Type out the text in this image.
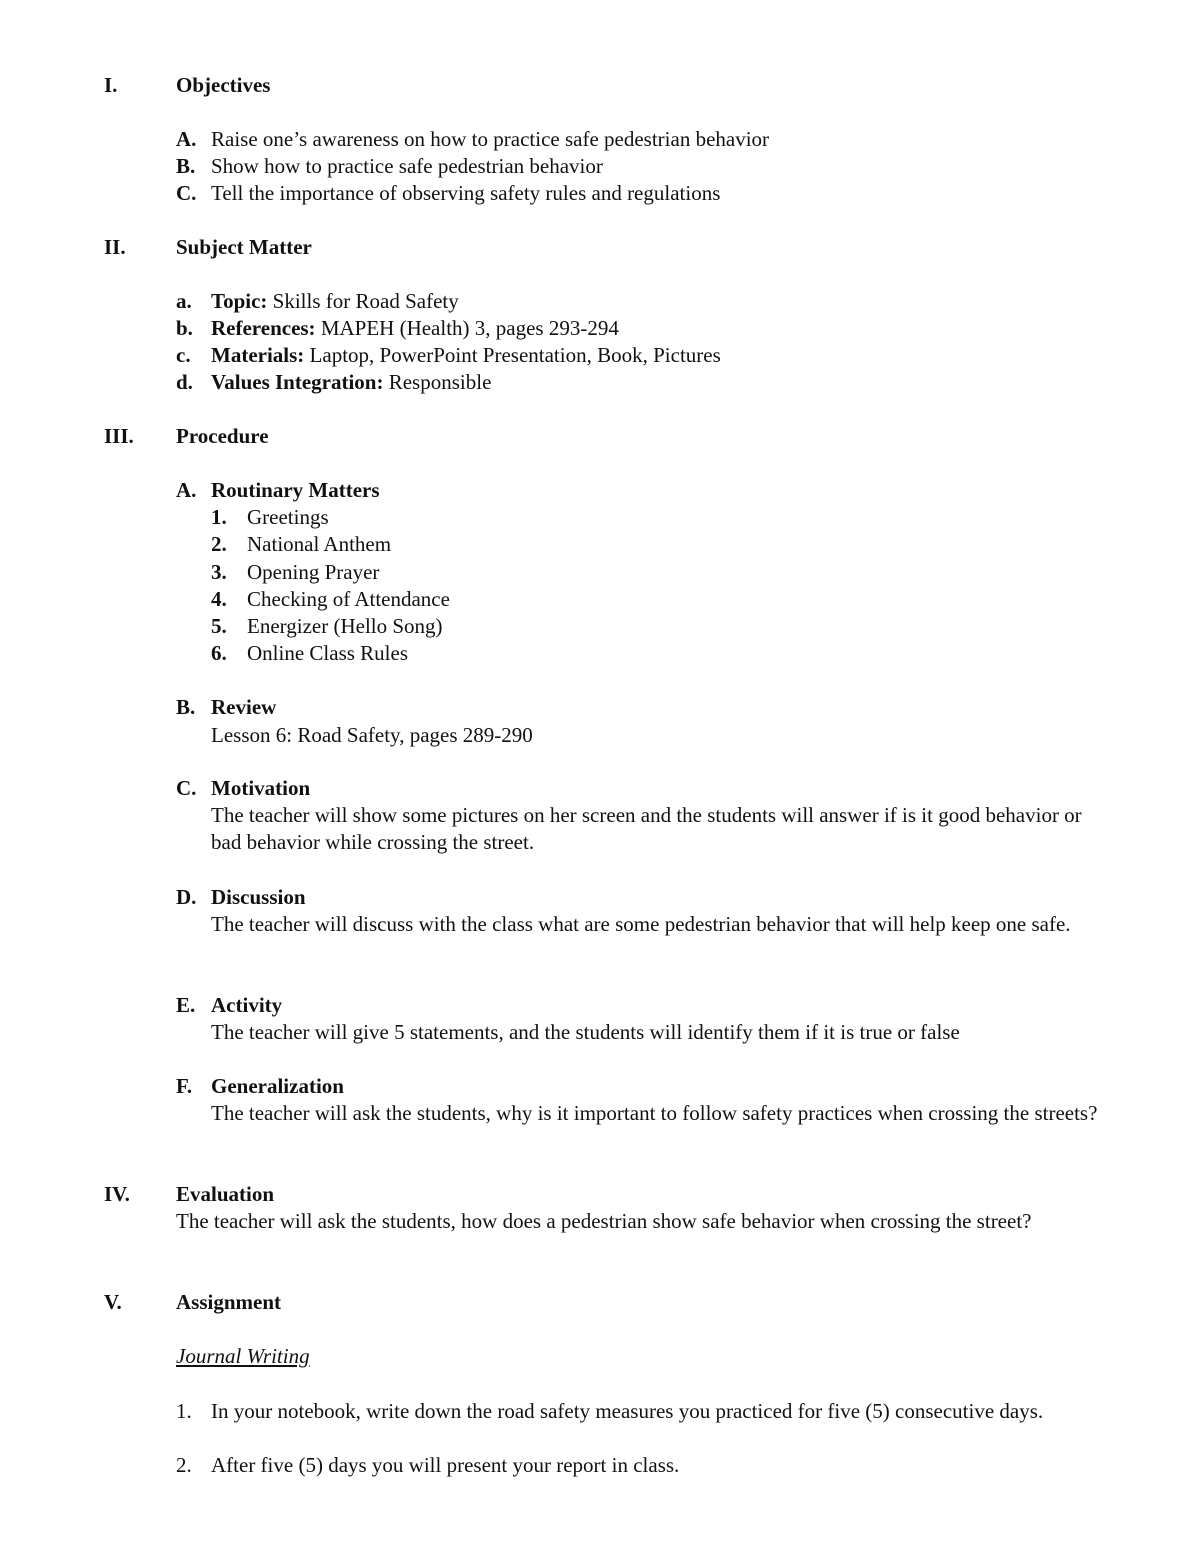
I.	Objectives
A. Raise one’s awareness on how to practice safe pedestrian behavior
B. Show how to practice safe pedestrian behavior
C. Tell the importance of observing safety rules and regulations
II. Subject Matter
a. Topic: Skills for Road Safety
b. References: MAPEH (Health) 3, pages 293-294
c. Materials: Laptop, PowerPoint Presentation, Book, Pictures
d. Values Integration: Responsible
III. Procedure
A. Routinary Matters
1. Greetings
2. National Anthem
3. Opening Prayer
4. Checking of Attendance
5. Energizer (Hello Song)
6. Online Class Rules
B. Review
Lesson 6: Road Safety, pages 289-290
C. Motivation
The teacher will show some pictures on her screen and the students will answer if is it good behavior or bad behavior while crossing the street.
D. Discussion
The teacher will discuss with the class what are some pedestrian behavior that will help keep one safe.
E. Activity
The teacher will give 5 statements, and the students will identify them if it is true or false
F. Generalization
The teacher will ask the students, why is it important to follow safety practices when crossing the streets?
IV. Evaluation
The teacher will ask the students, how does a pedestrian show safe behavior when crossing the street?
V.	Assignment
Journal Writing
1. In your notebook, write down the road safety measures you practiced for five (5) consecutive days.
2. After five (5) days you will present your report in class.
